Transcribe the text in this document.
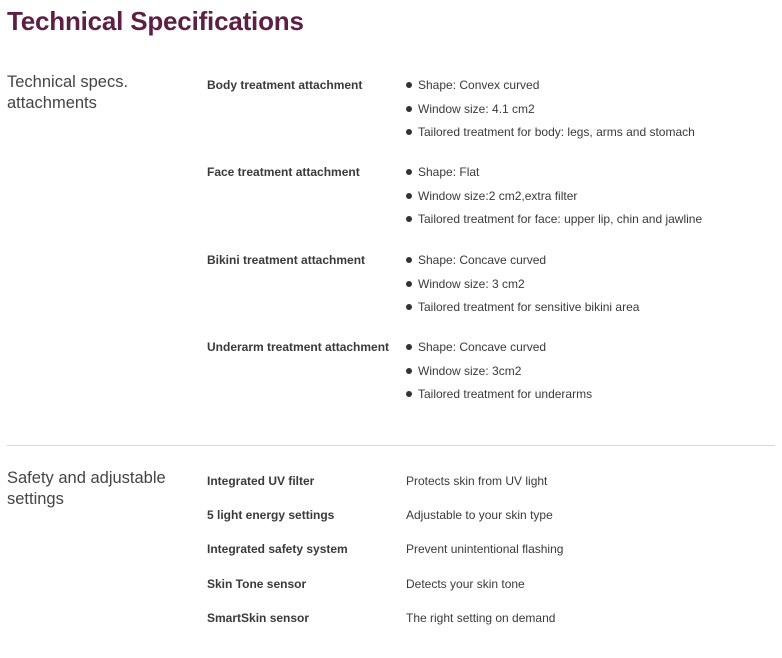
Technical Specifications
Technical specs. attachments
Body treatment attachment	Shape: Convex curved
Window size: 4.1 cm2
Tailored treatment for body: legs, arms and stomach
Face treatment attachment	Shape: Flat
Window size:2 cm2,extra filter
Tailored treatment for face: upper lip, chin and jawline
Bikini treatment attachment	Shape: Concave curved
Window size: 3 cm2
Tailored treatment for sensitive bikini area
Underarm treatment attachment	Shape: Concave curved
Window size: 3cm2
Tailored treatment for underarms
Safety and adjustable settings
Integrated UV filter	Protects skin from UV light
5 light energy settings	Adjustable to your skin type
Integrated safety system	Prevent unintentional flashing
Skin Tone sensor	Detects your skin tone
SmartSkin sensor	The right setting on demand
